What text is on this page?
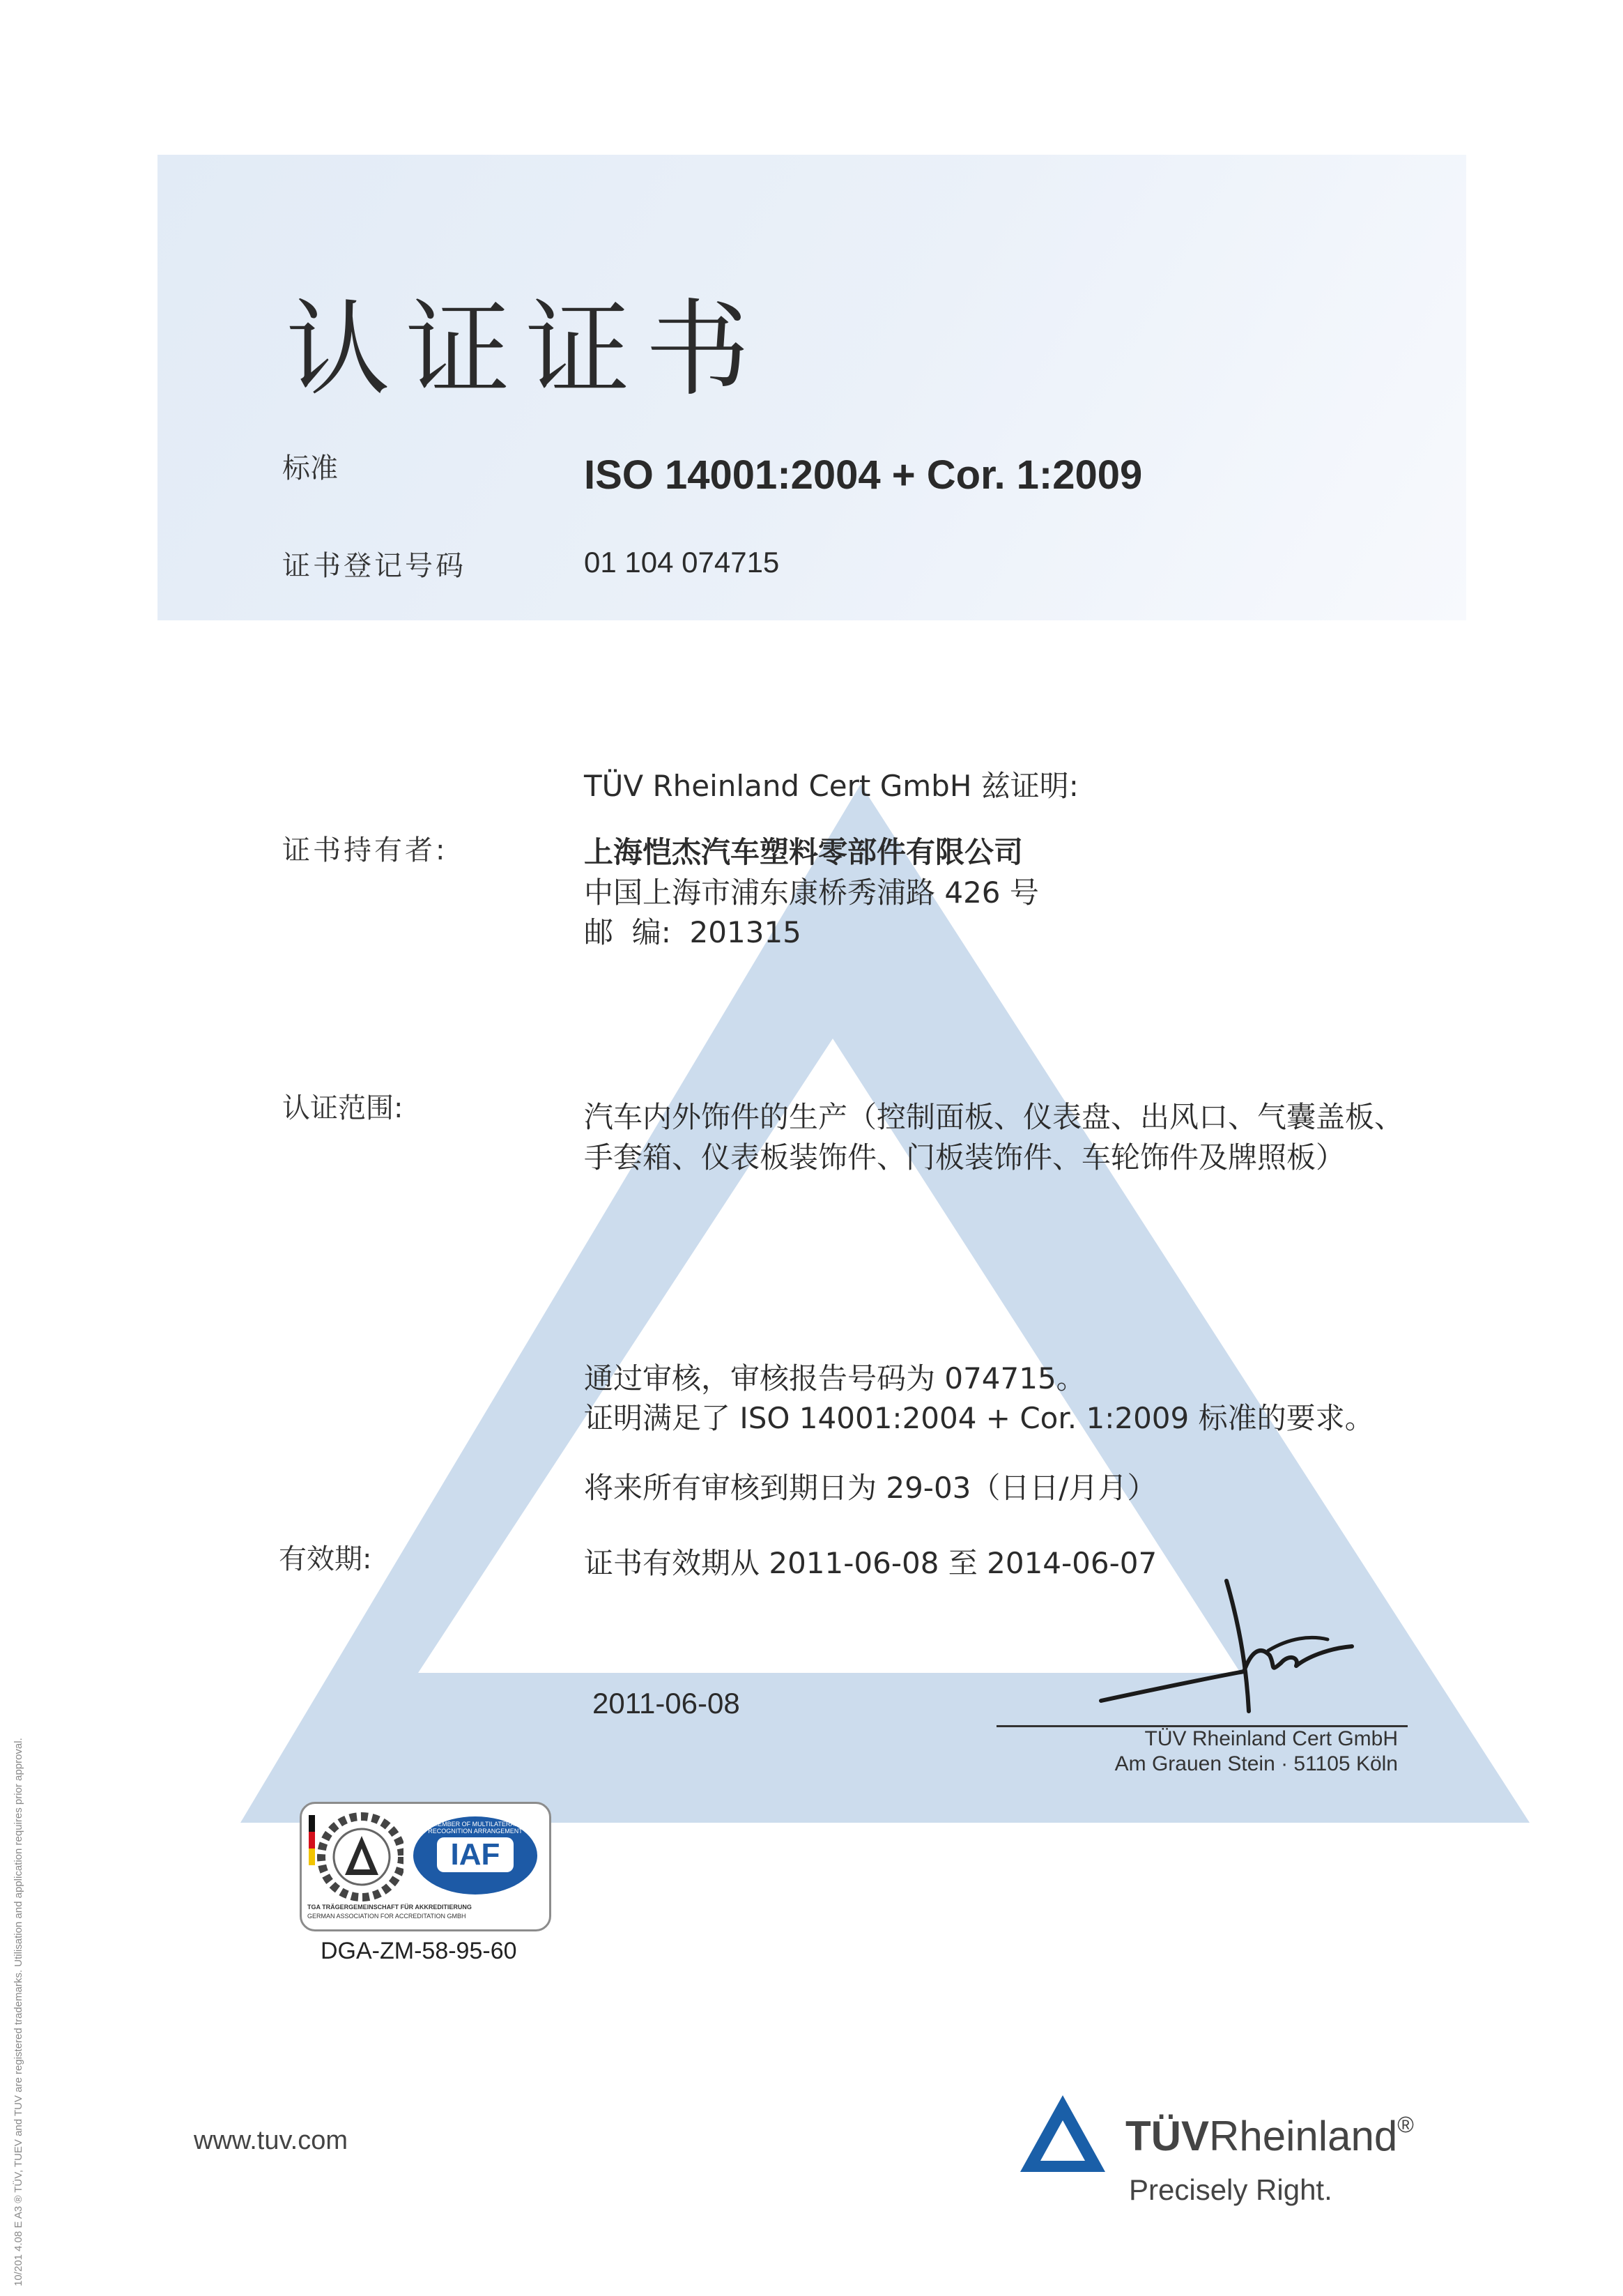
认证证书
标准	ISO 14001:2004 + Cor. 1:2009
证书登记号码	01 104 074715
TÜV Rheinland Cert GmbH 兹证明:
证书持有者:	上海恺杰汽车塑料零部件有限公司
中国上海市浦东康桥秀浦路 426 号
邮  编:  201315
认证范围:	汽车内外饰件的生产（控制面板、仪表盘、出风口、气囊盖板、
手套箱、仪表板装饰件、门板装饰件、车轮饰件及牌照板）
通过审核，审核报告号码为 074715。
证明满足了 ISO 14001:2004 + Cor. 1:2009 标准的要求。
将来所有审核到期日为 29-03（日日/月月）
有效期:	证书有效期从 2011-06-08 至 2014-06-07
2011-06-08
TÜV Rheinland Cert GmbH
Am Grauen Stein · 51105 Köln
MEMBER OF MULTILATERAL RECOGNITION ARRANGEMENT
IAF
TGA TRÄGERGEMEINSCHAFT FÜR AKKREDITIERUNG
GERMAN ASSOCIATION FOR ACCREDITATION GMBH
DGA-ZM-58-95-60
www.tuv.com	TÜVRheinland®
Precisely Right.
10/201 4.08 E A3 ® TÜV, TUEV and TUV are registered trademarks. Utilisation and application requires prior approval.
